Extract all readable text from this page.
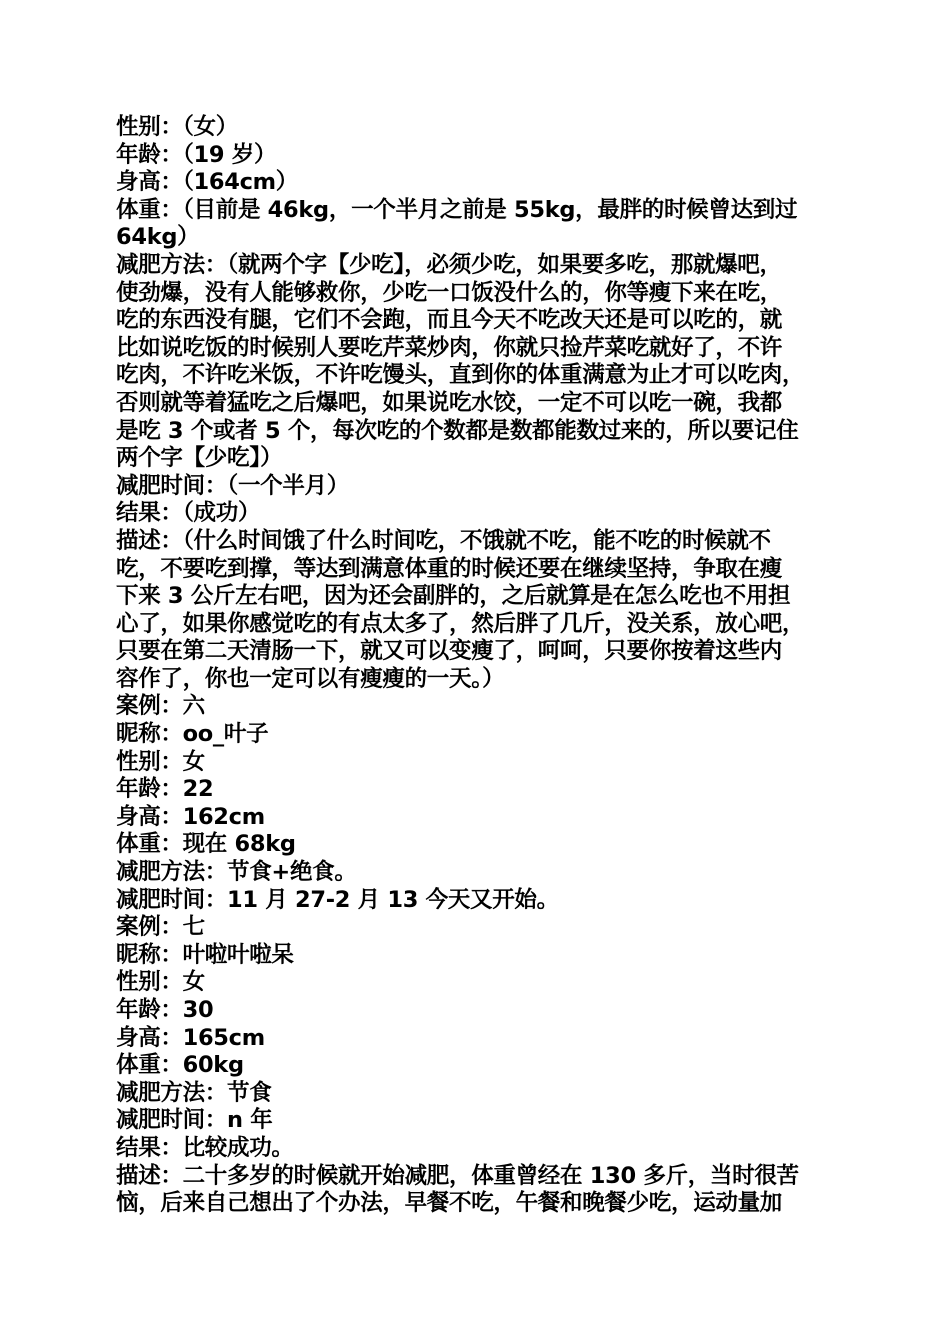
性别：（女）
年龄：（19 岁）
身高：（164cm）
体重：（目前是 46kg，一个半月之前是 55kg，最胖的时候曾达到过
64kg）
减肥方法：（就两个字【少吃】，必须少吃，如果要多吃，那就爆吧，
使劲爆，没有人能够救你，少吃一口饭没什么的，你等瘦下来在吃，
吃的东西没有腿，它们不会跑，而且今天不吃改天还是可以吃的，就
比如说吃饭的时候别人要吃芹菜炒肉，你就只捡芹菜吃就好了，不许
吃肉，不许吃米饭，不许吃馒头，直到你的体重满意为止才可以吃肉，
否则就等着猛吃之后爆吧，如果说吃水饺，一定不可以吃一碗，我都
是吃 3 个或者 5 个，每次吃的个数都是数都能数过来的，所以要记住
两个字【少吃】）
减肥时间：（一个半月）
结果：（成功）
描述：（什么时间饿了什么时间吃，不饿就不吃，能不吃的时候就不
吃，不要吃到撑，等达到满意体重的时候还要在继续坚持，争取在瘦
下来 3 公斤左右吧，因为还会副胖的，之后就算是在怎么吃也不用担
心了，如果你感觉吃的有点太多了，然后胖了几斤，没关系，放心吧，
只要在第二天清肠一下，就又可以变瘦了，呵呵，只要你按着这些内
容作了，你也一定可以有瘦瘦的一天。）
案例：六
昵称：oo_叶子
性别：女
年龄：22
身高：162cm
体重：现在 68kg
减肥方法：节食+绝食。
减肥时间：11 月 27-2 月 13 今天又开始。
案例：七
昵称：叶啦叶啦呆
性别：女
年龄：30
身高：165cm
体重：60kg
减肥方法：节食
减肥时间：n 年
结果：比较成功。
描述：二十多岁的时候就开始减肥，体重曾经在 130 多斤，当时很苦
恼，后来自己想出了个办法，早餐不吃，午餐和晚餐少吃，运动量加
